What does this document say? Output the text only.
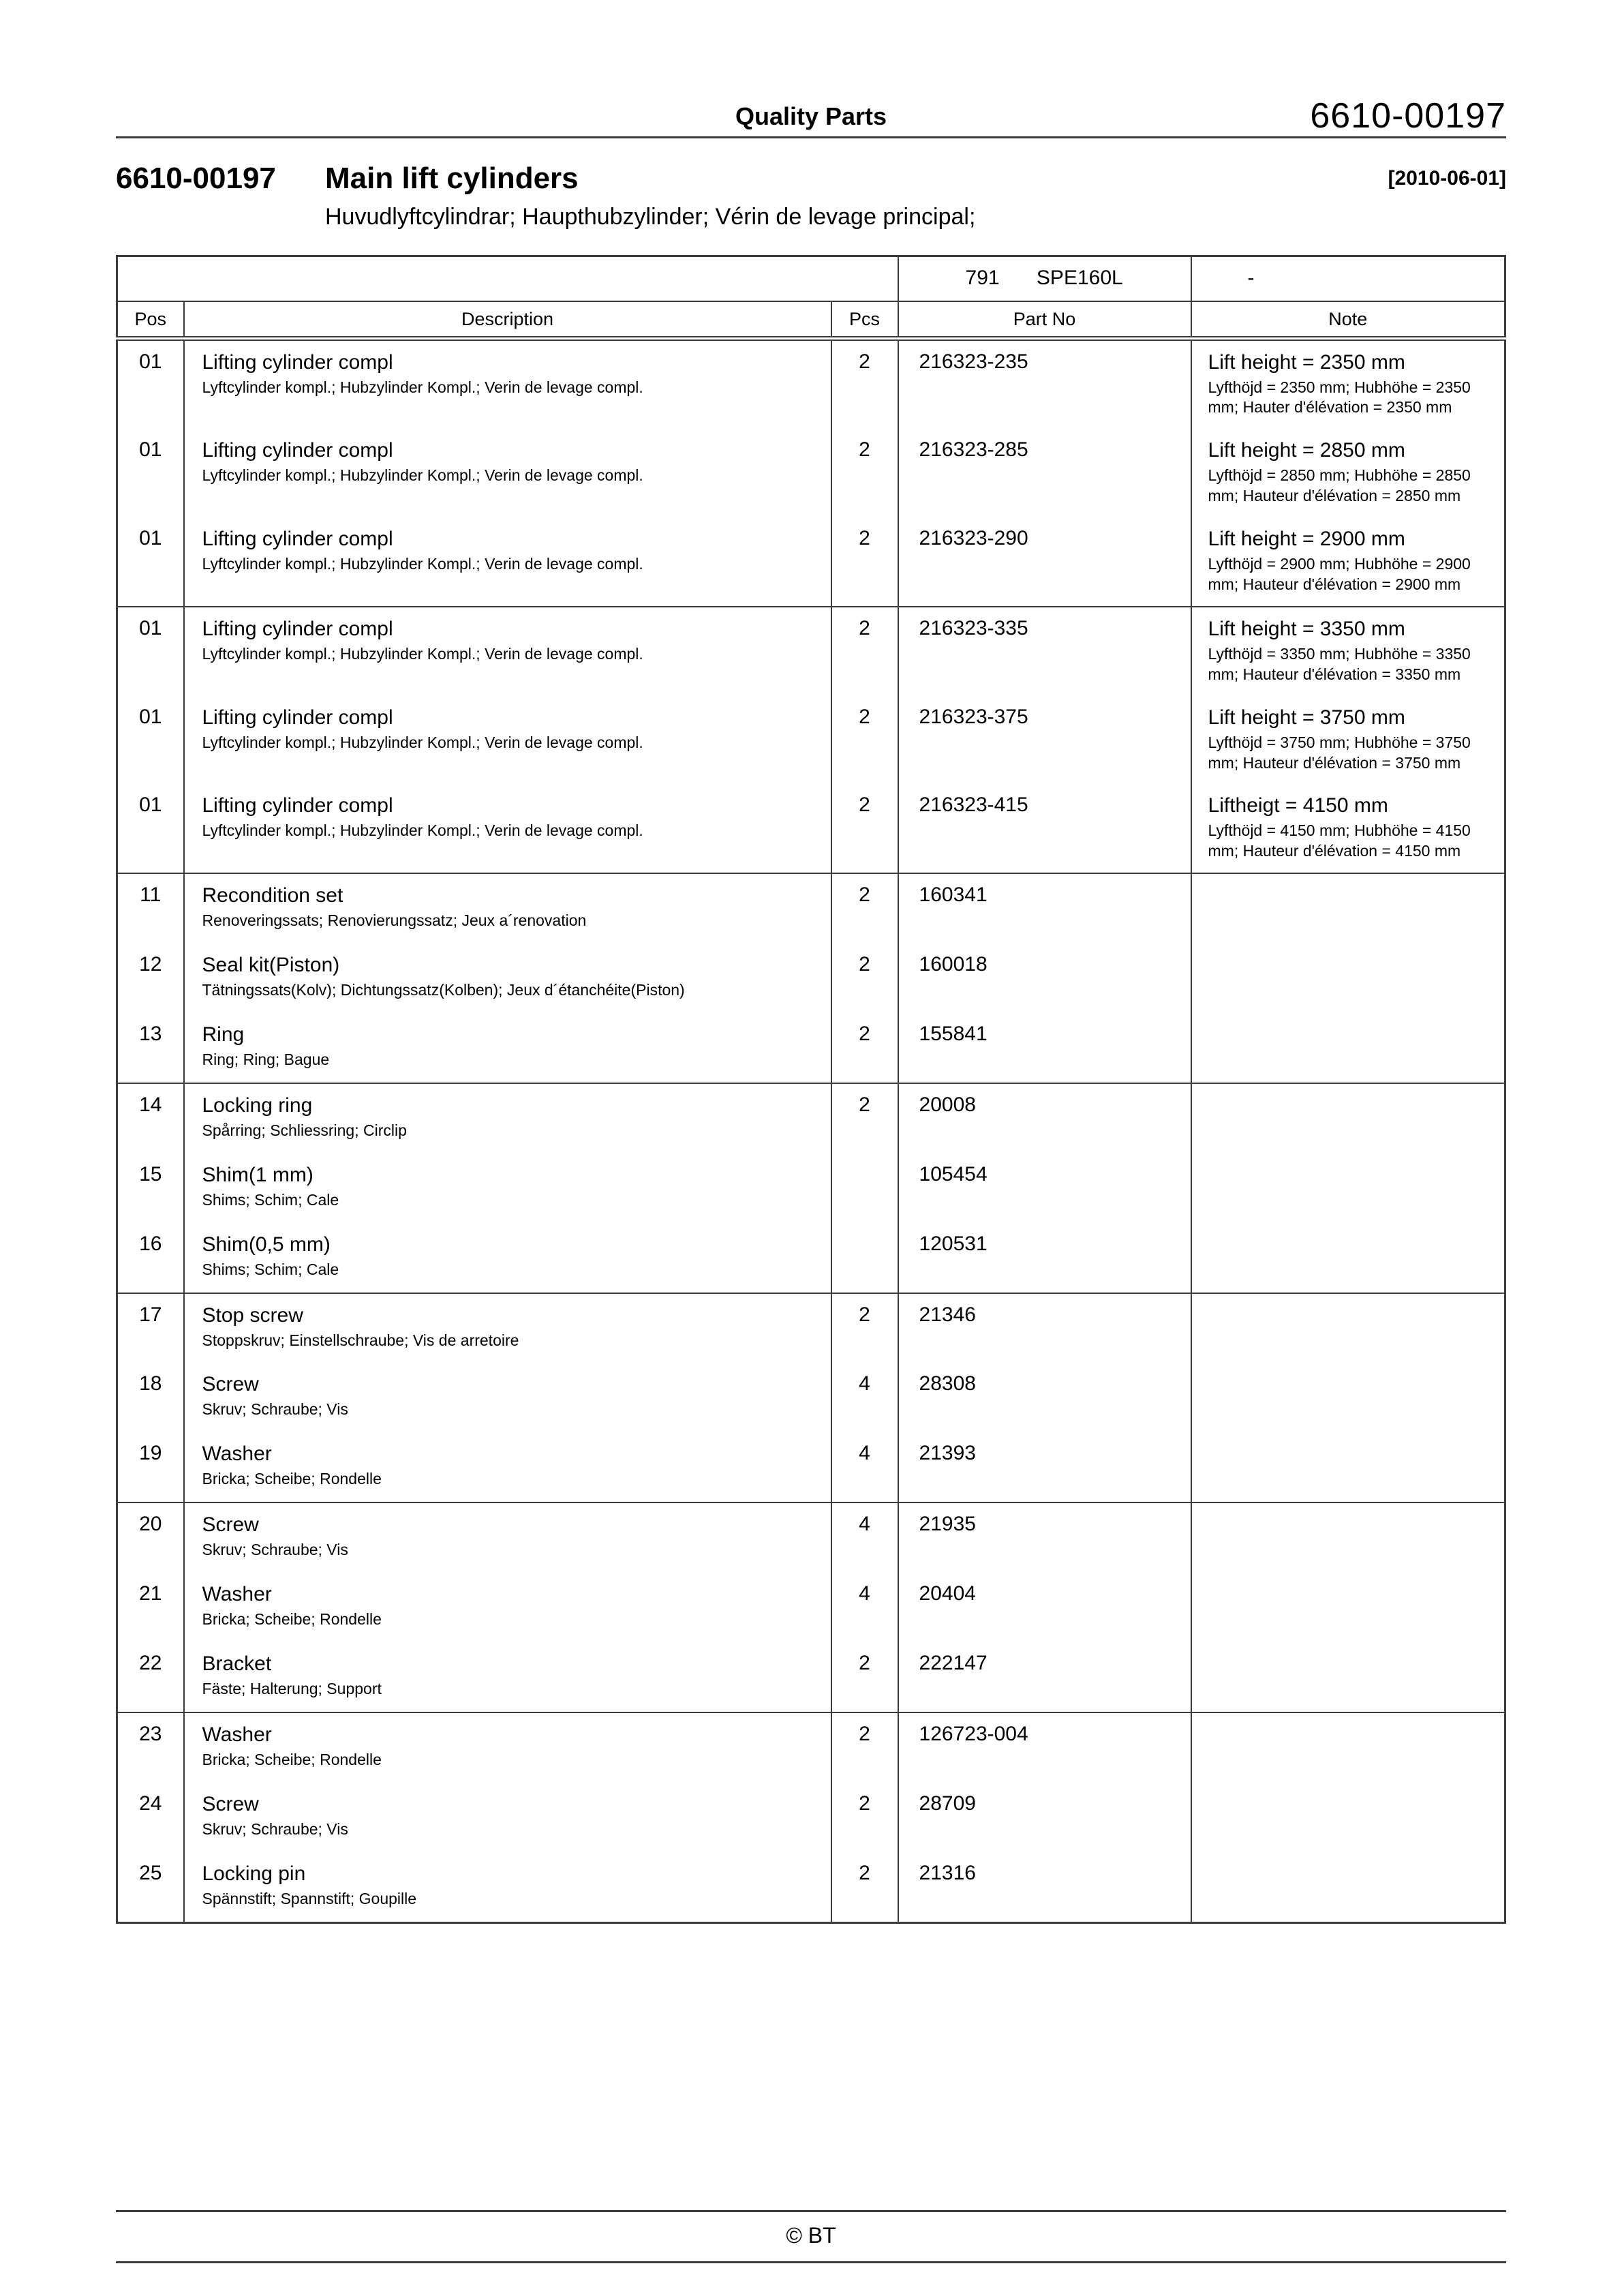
Quality Parts	6610-00197
6610-00197	Main lift cylinders	[2010-06-01]
Huvudlyftcylindrar; Haupthubzylinder; Vérin de levage principal;
			791 SPE160L	-
Pos	Description	Pcs	Part No	Note
01	Lifting cylinder compl
Lyftcylinder kompl.; Hubzylinder Kompl.; Verin de levage compl.
	2	216323-235	Lift height = 2350 mm
Lyfthöjd = 2350 mm; Hubhöhe = 2350 mm; Hauter d'élévation = 2350 mm

01	Lifting cylinder compl
Lyftcylinder kompl.; Hubzylinder Kompl.; Verin de levage compl.
	2	216323-285	Lift height = 2850 mm
Lyfthöjd = 2850 mm; Hubhöhe = 2850 mm; Hauteur d'élévation = 2850 mm

01	Lifting cylinder compl
Lyftcylinder kompl.; Hubzylinder Kompl.; Verin de levage compl.
	2	216323-290	Lift height = 2900 mm
Lyfthöjd = 2900 mm; Hubhöhe = 2900 mm; Hauteur d'élévation = 2900 mm

01	Lifting cylinder compl
Lyftcylinder kompl.; Hubzylinder Kompl.; Verin de levage compl.
	2	216323-335	Lift height = 3350 mm
Lyfthöjd = 3350 mm; Hubhöhe = 3350 mm; Hauteur d'élévation = 3350 mm

01	Lifting cylinder compl
Lyftcylinder kompl.; Hubzylinder Kompl.; Verin de levage compl.
	2	216323-375	Lift height = 3750 mm
Lyfthöjd = 3750 mm; Hubhöhe = 3750 mm; Hauteur d'élévation = 3750 mm

01	Lifting cylinder compl
Lyftcylinder kompl.; Hubzylinder Kompl.; Verin de levage compl.
	2	216323-415	Liftheigt = 4150 mm
Lyfthöjd = 4150 mm; Hubhöhe = 4150 mm; Hauteur d'élévation = 4150 mm

11	Recondition set
Renoveringssats; Renovierungssatz; Jeux a´renovation	2	160341	

12	Seal kit(Piston)
Tätningssats(Kolv); Dichtungssatz(Kolben); Jeux d´étanchéite(Piston)	2	160018	

13	Ring
Ring; Ring; Bague	2	155841	

14	Locking ring
Spårring; Schliessring; Circlip	2	20008	

15	Shim(1 mm)
Shims; Schim; Cale		105454	

16	Shim(0,5 mm)
Shims; Schim; Cale		120531	

17	Stop screw
Stoppskruv; Einstellschraube; Vis de arretoire	2	21346	

18	Screw
Skruv; Schraube; Vis	4	28308	

19	Washer
Bricka; Scheibe; Rondelle	4	21393	

20	Screw
Skruv; Schraube; Vis	4	21935	

21	Washer
Bricka; Scheibe; Rondelle	4	20404	

22	Bracket
Fäste; Halterung; Support	2	222147	

23	Washer
Bricka; Scheibe; Rondelle	2	126723-004	

24	Screw
Skruv; Schraube; Vis	2	28709	

25	Locking pin
Spännstift; Spannstift; Goupille	2	21316	
© BT
